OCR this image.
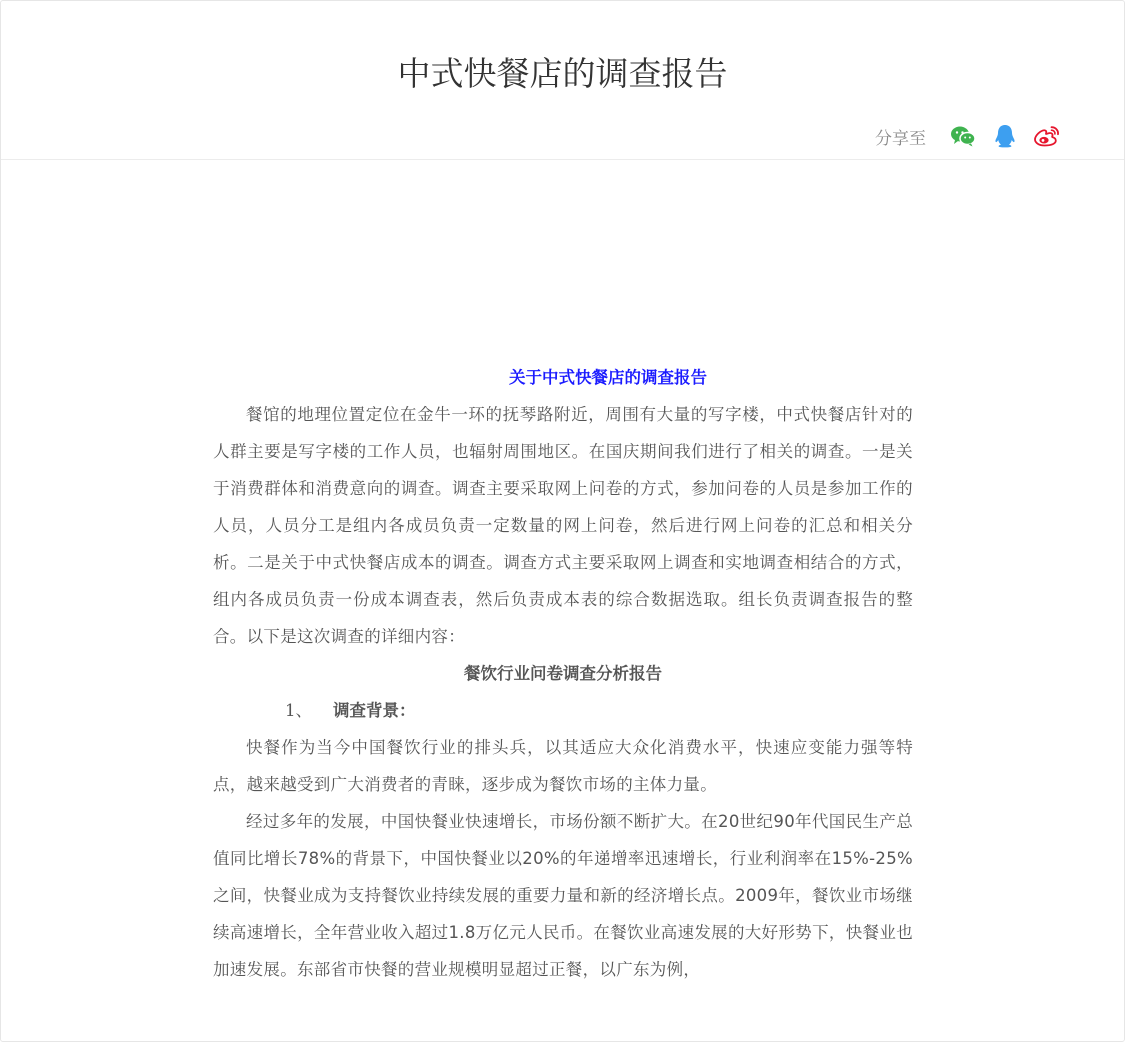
中式快餐店的调查报告
分享至

关于中式快餐店的调查报告

餐馆的地理位置定位在金牛一环的抚琴路附近，周围有大量的写字楼，中式快餐店针对的人群主要是写字楼的工作人员，也辐射周围地区。在国庆期间我们进行了相关的调查。一是关于消费群体和消费意向的调查。调查主要采取网上问卷的方式，参加问卷的人员是参加工作的人员，人员分工是组内各成员负责一定数量的网上问卷，然后进行网上问卷的汇总和相关分析。二是关于中式快餐店成本的调查。调查方式主要采取网上调查和实地调查相结合的方式，组内各成员负责一份成本调查表，然后负责成本表的综合数据选取。组长负责调查报告的整合。以下是这次调查的详细内容：

餐饮行业问卷调查分析报告

1、 调查背景：

快餐作为当今中国餐饮行业的排头兵，以其适应大众化消费水平，快速应变能力强等特点，越来越受到广大消费者的青睐，逐步成为餐饮市场的主体力量。

经过多年的发展，中国快餐业快速增长，市场份额不断扩大。在20世纪90年代国民生产总值同比增长78%的背景下，中国快餐业以20%的年递增率迅速增长，行业利润率在15%-25%之间，快餐业成为支持餐饮业持续发展的重要力量和新的经济增长点。2009年，餐饮业市场继续高速增长，全年营业收入超过1.8万亿元人民币。在餐饮业高速发展的大好形势下，快餐业也加速发展。东部省市快餐的营业规模明显超过正餐，以广东为例，
